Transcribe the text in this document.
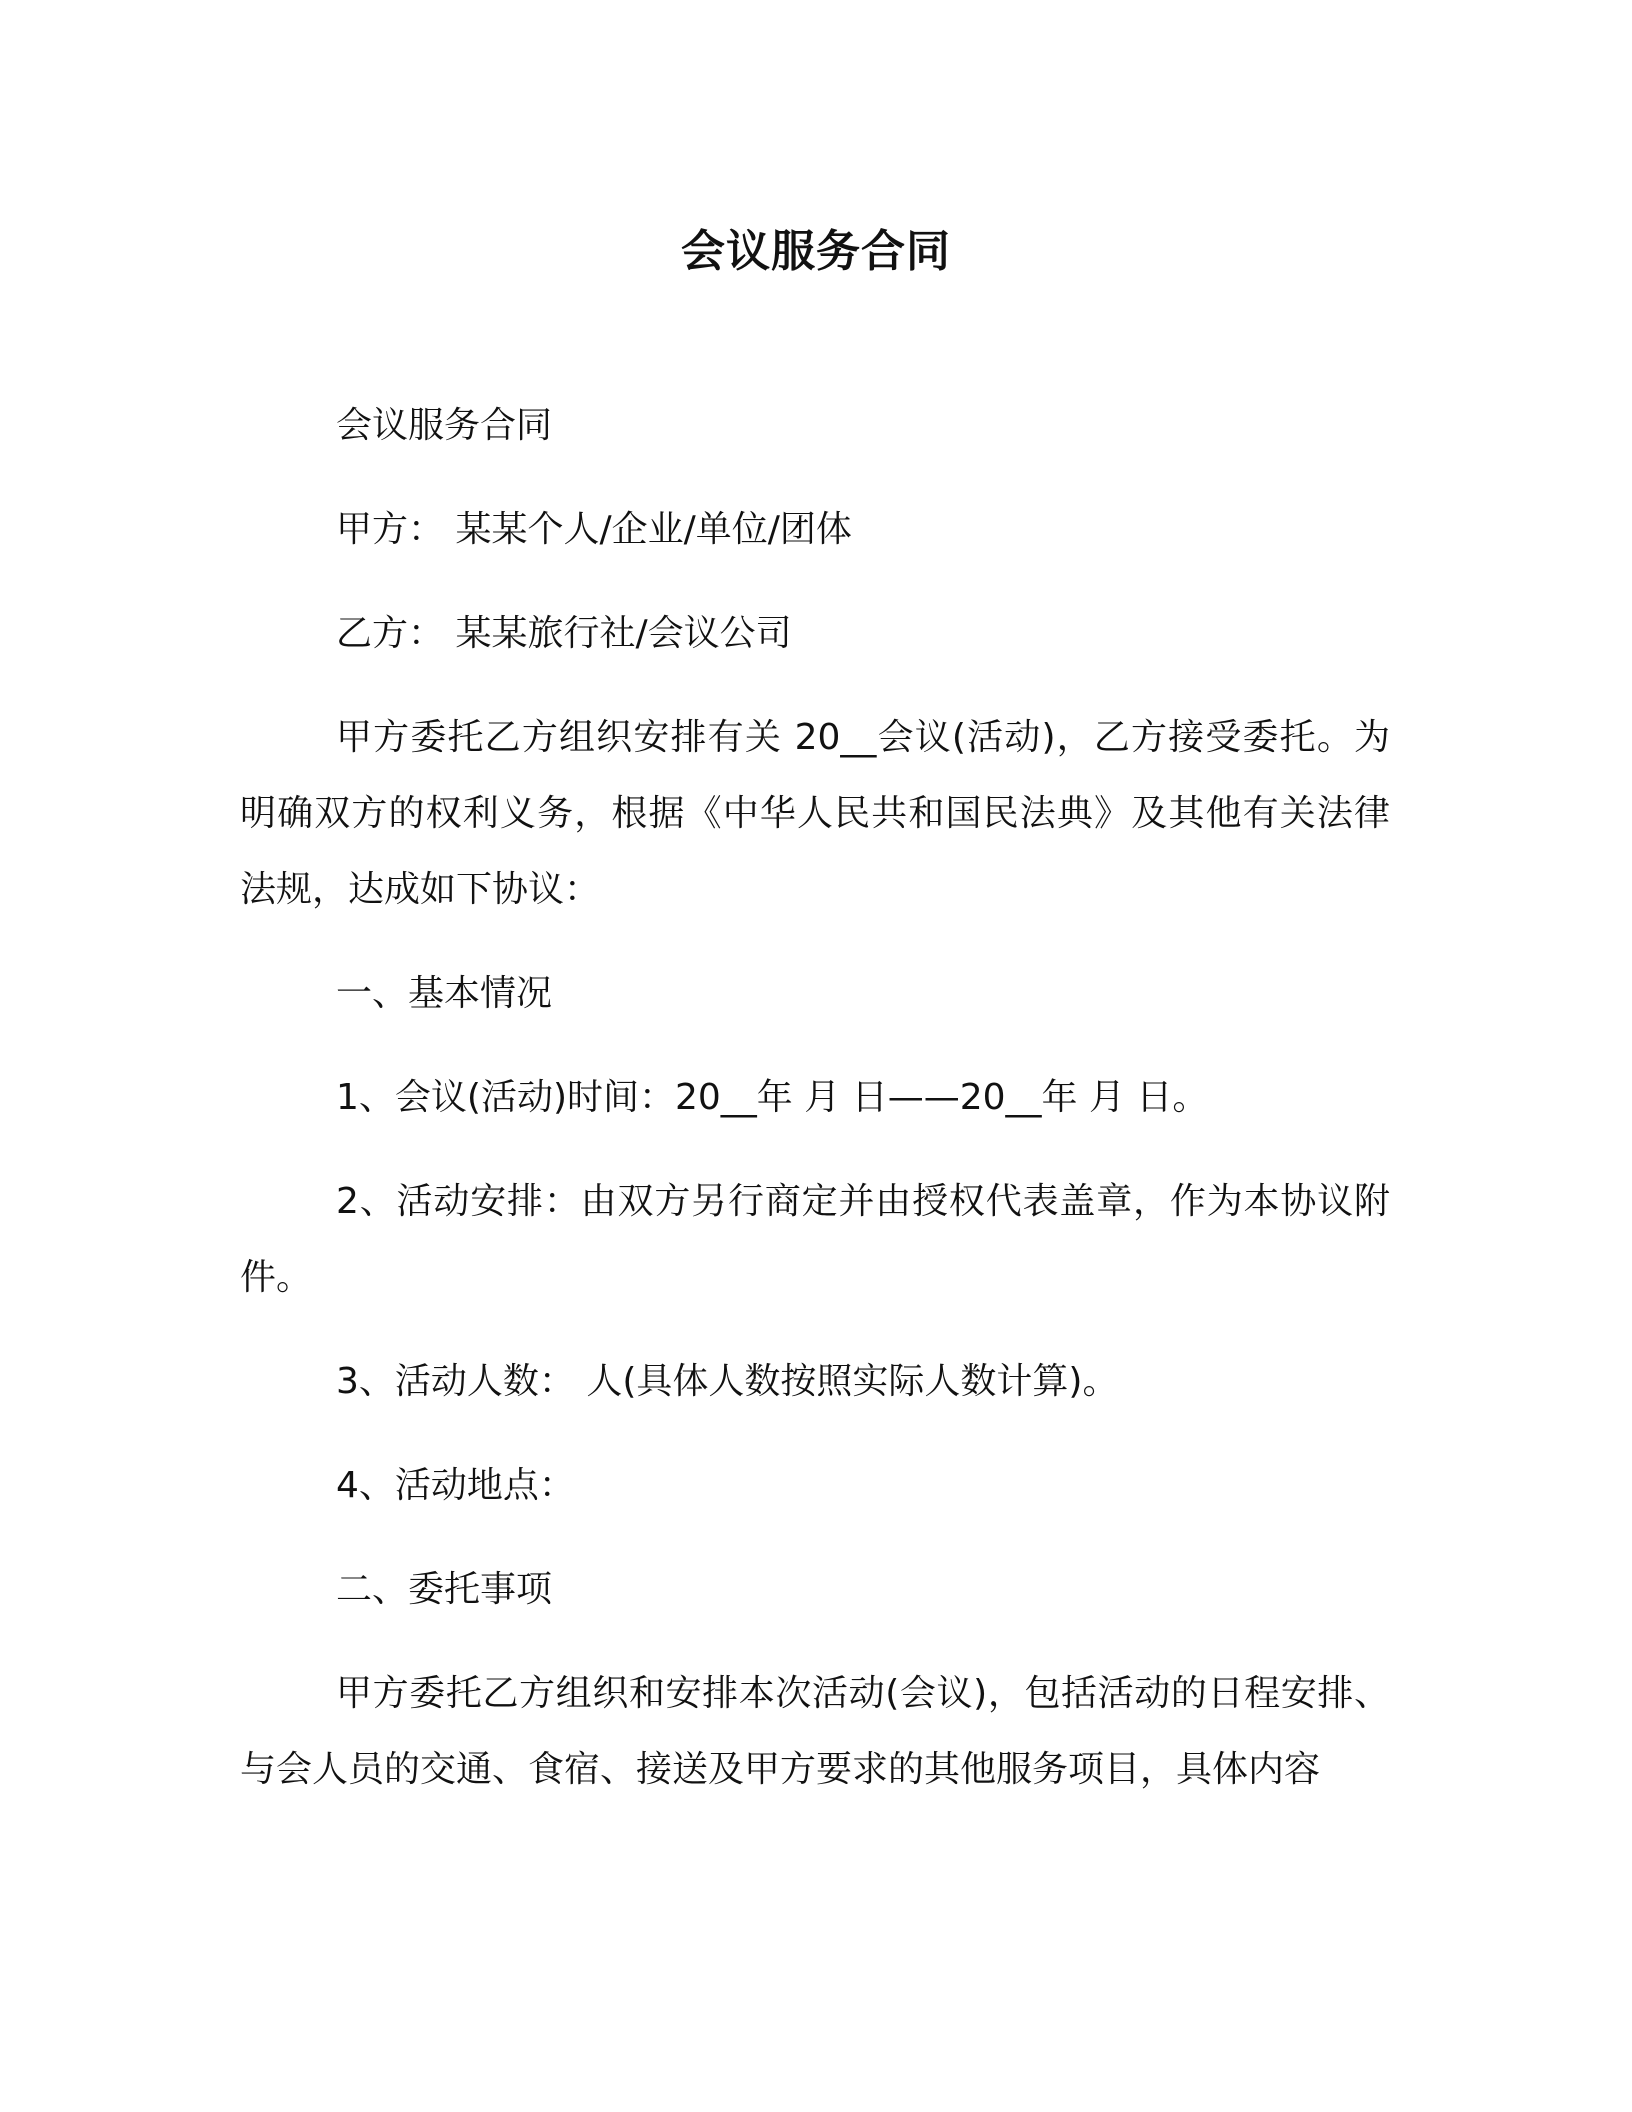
会议服务合同

会议服务合同

甲方： 某某个人/企业/单位/团体

乙方： 某某旅行社/会议公司

甲方委托乙方组织安排有关 20__会议(活动)，乙方接受委托。为明确双方的权利义务，根据《中华人民共和国民法典》及其他有关法律法规，达成如下协议：

一、基本情况

1、会议(活动)时间：20__年 月 日——20__年 月 日。

2、活动安排：由双方另行商定并由授权代表盖章，作为本协议附件。

3、活动人数： 人(具体人数按照实际人数计算)。

4、活动地点：

二、委托事项

甲方委托乙方组织和安排本次活动(会议)，包括活动的日程安排、与会人员的交通、食宿、接送及甲方要求的其他服务项目，具体内容
